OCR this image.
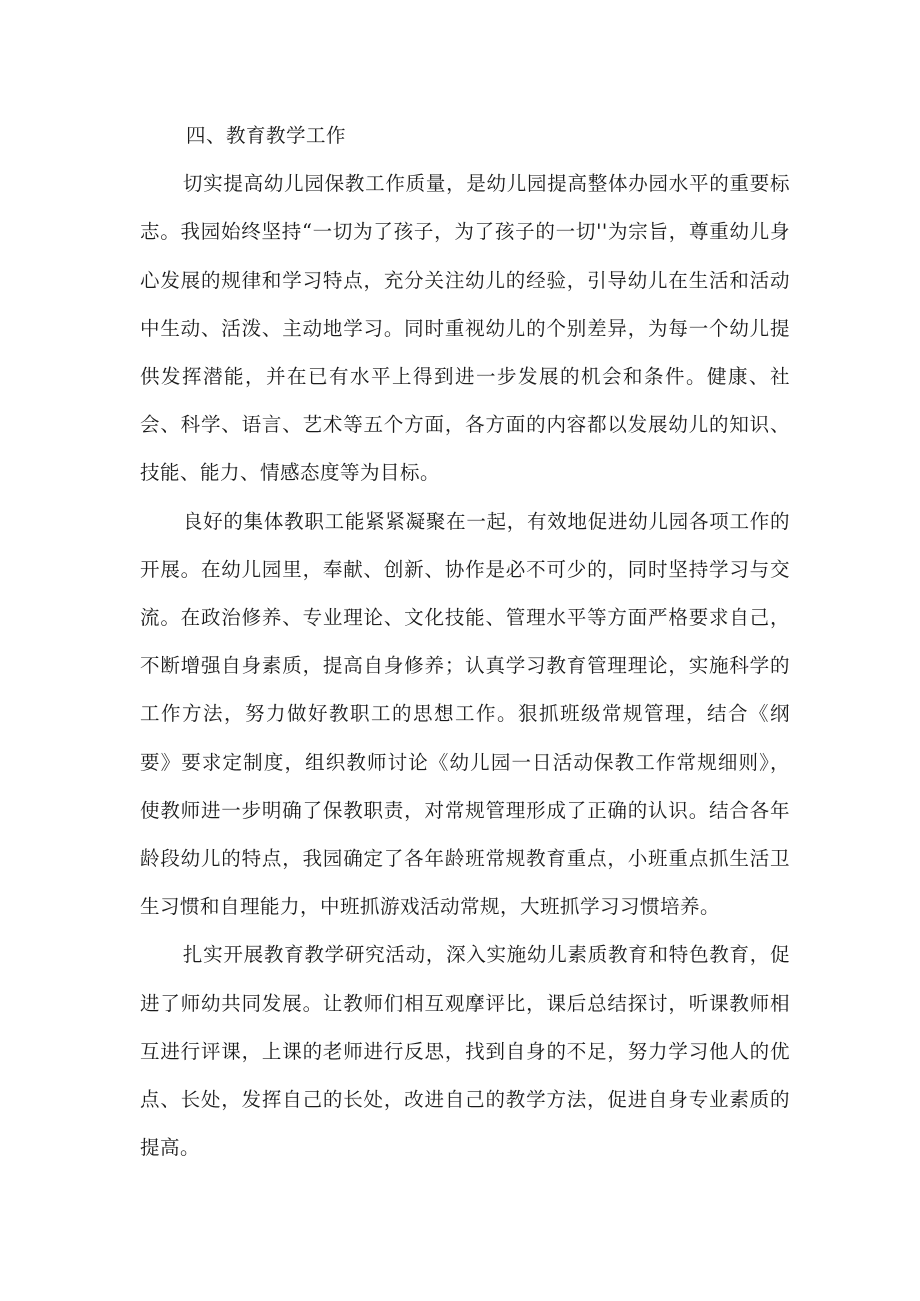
四、教育教学工作

切实提高幼儿园保教工作质量，是幼儿园提高整体办园水平的重要标志。我园始终坚持“一切为了孩子，为了孩子的一切''为宗旨，尊重幼儿身心发展的规律和学习特点，充分关注幼儿的经验，引导幼儿在生活和活动中生动、活泼、主动地学习。同时重视幼儿的个别差异，为每一个幼儿提供发挥潜能，并在已有水平上得到进一步发展的机会和条件。健康、社会、科学、语言、艺术等五个方面，各方面的内容都以发展幼儿的知识、技能、能力、情感态度等为目标。

良好的集体教职工能紧紧凝聚在一起，有效地促进幼儿园各项工作的开展。在幼儿园里，奉献、创新、协作是必不可少的，同时坚持学习与交流。在政治修养、专业理论、文化技能、管理水平等方面严格要求自己，不断增强自身素质，提高自身修养；认真学习教育管理理论，实施科学的工作方法，努力做好教职工的思想工作。狠抓班级常规管理，结合《纲要》要求定制度，组织教师讨论《幼儿园一日活动保教工作常规细则》，使教师进一步明确了保教职责，对常规管理形成了正确的认识。结合各年龄段幼儿的特点，我园确定了各年龄班常规教育重点，小班重点抓生活卫生习惯和自理能力，中班抓游戏活动常规，大班抓学习习惯培养。

扎实开展教育教学研究活动，深入实施幼儿素质教育和特色教育，促进了师幼共同发展。让教师们相互观摩评比，课后总结探讨，听课教师相互进行评课，上课的老师进行反思，找到自身的不足，努力学习他人的优点、长处，发挥自己的长处，改进自己的教学方法，促进自身专业素质的提高。
